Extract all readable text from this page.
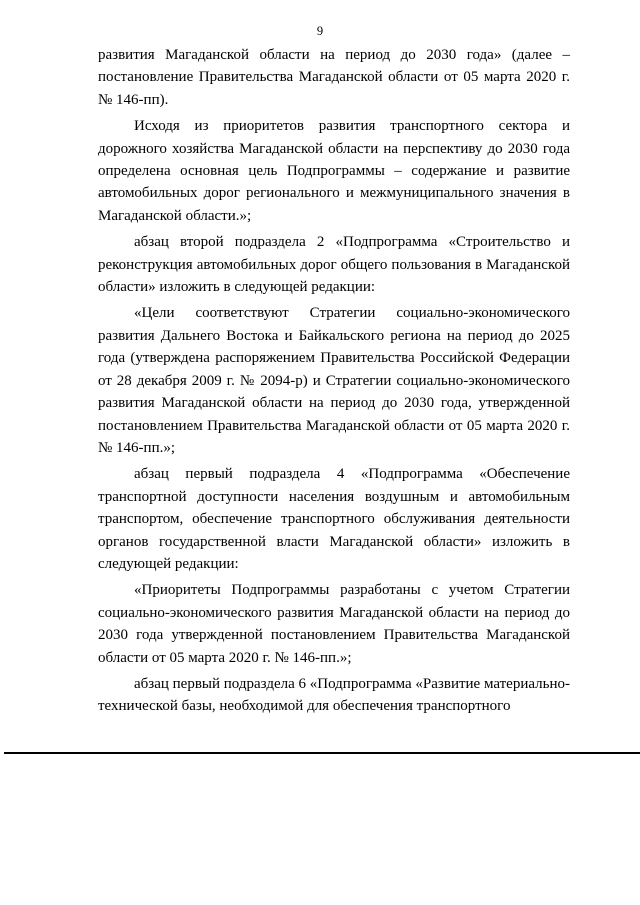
9

развития Магаданской области на период до 2030 года» (далее – постановление Правительства Магаданской области от 05 марта 2020 г. № 146-пп).

Исходя из приоритетов развития транспортного сектора и дорожного хозяйства Магаданской области на перспективу до 2030 года определена основная цель Подпрограммы – содержание и развитие автомобильных дорог регионального и межмуниципального значения в Магаданской области.»;

абзац второй подраздела 2 «Подпрограмма «Строительство и реконструкция автомобильных дорог общего пользования в Магаданской области» изложить в следующей редакции:

«Цели соответствуют Стратегии социально-экономического развития Дальнего Востока и Байкальского региона на период до 2025 года (утверждена распоряжением Правительства Российской Федерации от 28 декабря 2009 г. № 2094-р) и Стратегии социально-экономического развития Магаданской области на период до 2030 года, утвержденной постановлением Правительства Магаданской области от 05 марта 2020 г. № 146-пп.»;

абзац первый подраздела 4 «Подпрограмма «Обеспечение транспортной доступности населения воздушным и автомобильным транспортом, обеспечение транспортного обслуживания деятельности органов государственной власти Магаданской области» изложить в следующей редакции:

«Приоритеты Подпрограммы разработаны с учетом Стратегии социально-экономического развития Магаданской области на период до 2030 года утвержденной постановлением Правительства Магаданской области от 05 марта 2020 г. № 146-пп.»;

абзац первый подраздела 6 «Подпрограмма «Развитие материально-технической базы, необходимой для обеспечения транспортного
